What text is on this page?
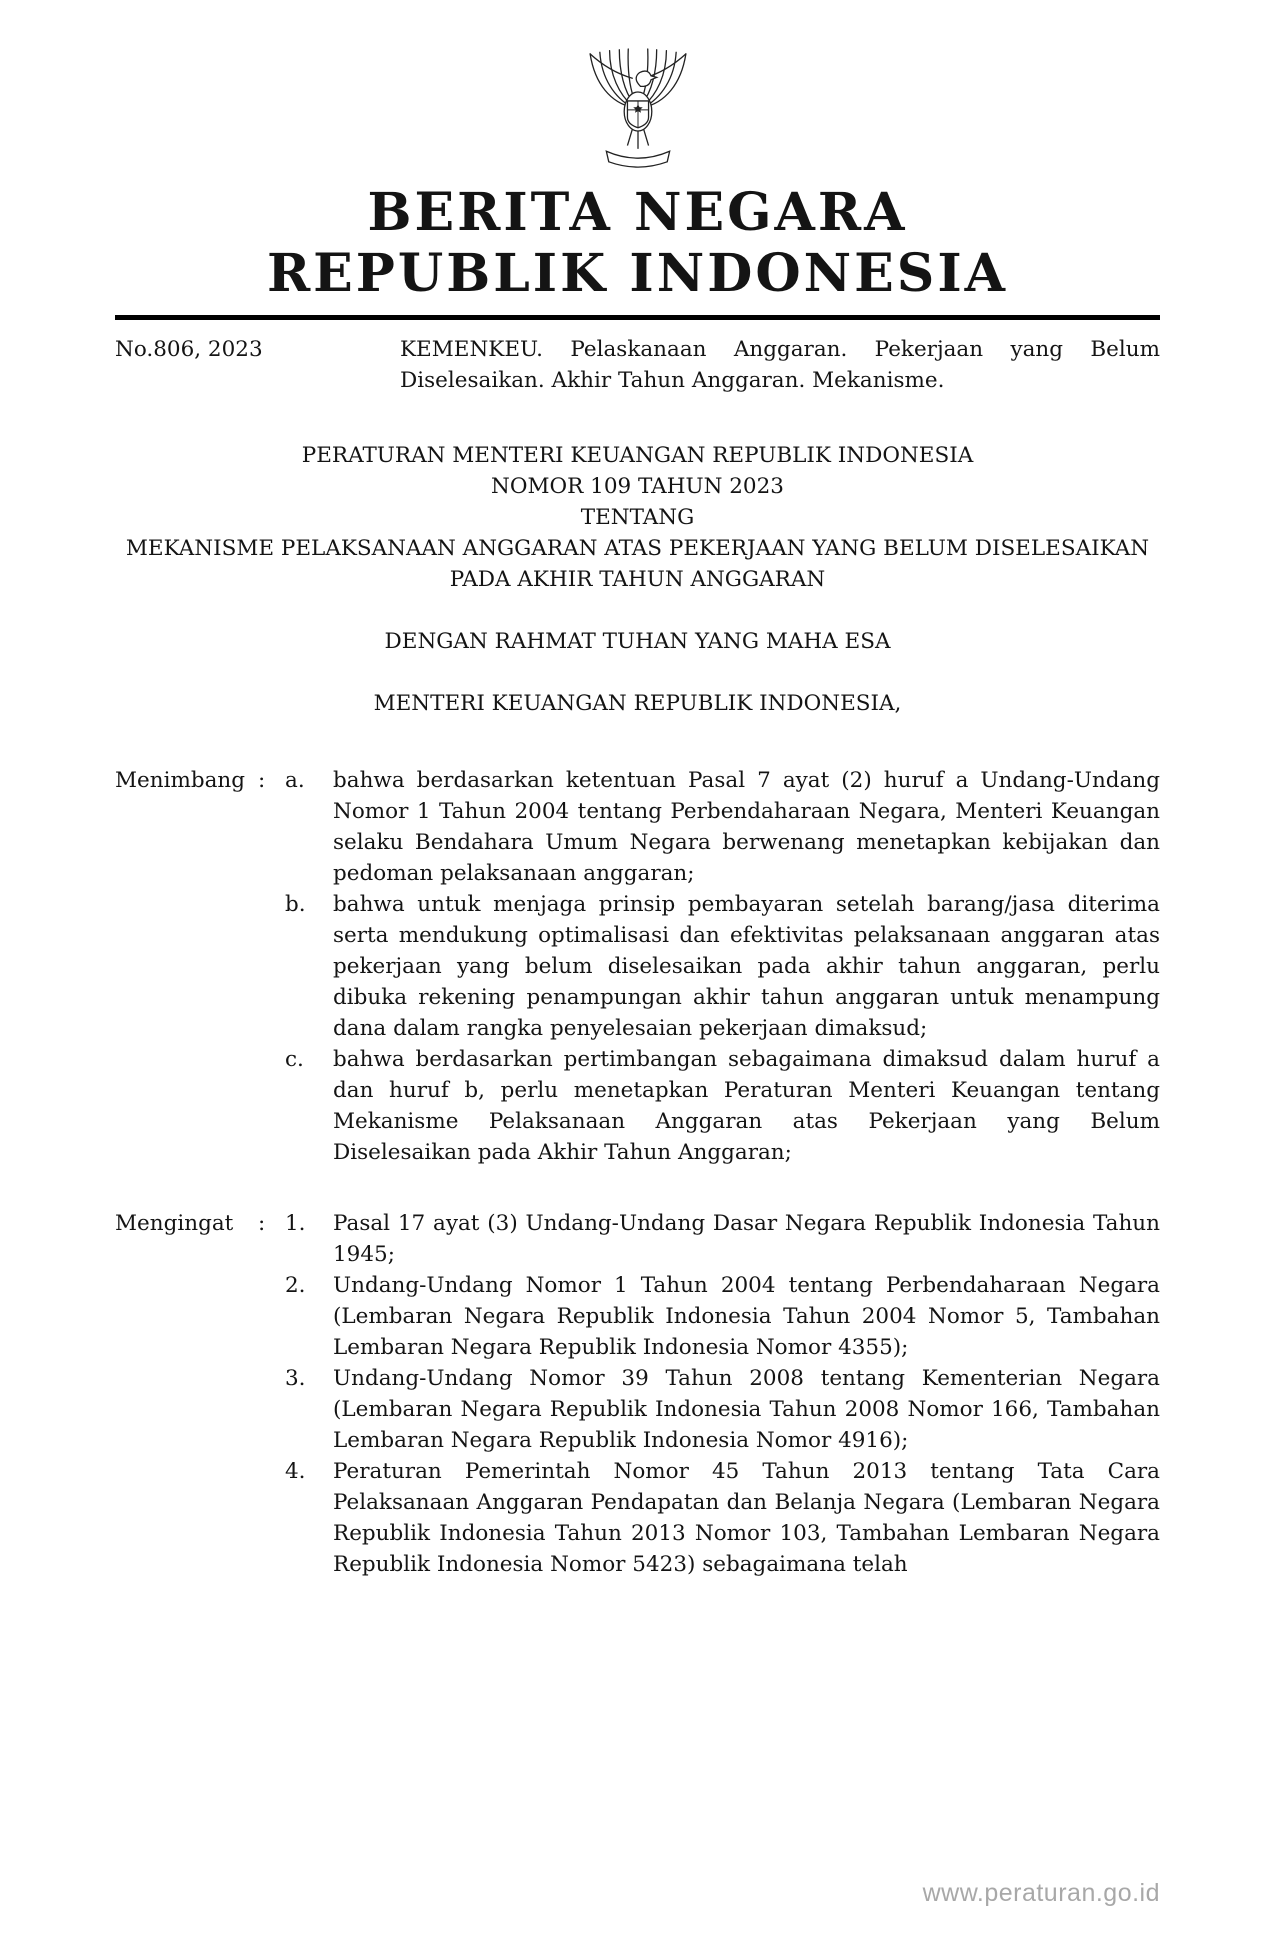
BERITA NEGARA
REPUBLIK INDONESIA
No.806, 2023	KEMENKEU. Pelaskanaan Anggaran. Pekerjaan yang Belum Diselesaikan. Akhir Tahun Anggaran. Mekanisme.
PERATURAN MENTERI KEUANGAN REPUBLIK INDONESIA
NOMOR 109 TAHUN 2023
TENTANG
MEKANISME PELAKSANAAN ANGGARAN ATAS PEKERJAAN YANG BELUM DISELESAIKAN PADA AKHIR TAHUN ANGGARAN
DENGAN RAHMAT TUHAN YANG MAHA ESA
MENTERI KEUANGAN REPUBLIK INDONESIA,
Menimbang : a.	bahwa berdasarkan ketentuan Pasal 7 ayat (2) huruf a Undang-Undang Nomor 1 Tahun 2004 tentang Perbendaharaan Negara, Menteri Keuangan selaku Bendahara Umum Negara berwenang menetapkan kebijakan dan pedoman pelaksanaan anggaran;
b.	bahwa untuk menjaga prinsip pembayaran setelah barang/jasa diterima serta mendukung optimalisasi dan efektivitas pelaksanaan anggaran atas pekerjaan yang belum diselesaikan pada akhir tahun anggaran, perlu dibuka rekening penampungan akhir tahun anggaran untuk menampung dana dalam rangka penyelesaian pekerjaan dimaksud;
c.	bahwa berdasarkan pertimbangan sebagaimana dimaksud dalam huruf a dan huruf b, perlu menetapkan Peraturan Menteri Keuangan tentang Mekanisme Pelaksanaan Anggaran atas Pekerjaan yang Belum Diselesaikan pada Akhir Tahun Anggaran;
Mengingat	: 1.	Pasal 17 ayat (3) Undang-Undang Dasar Negara Republik Indonesia Tahun 1945;
2.	Undang-Undang Nomor 1 Tahun 2004 tentang Perbendaharaan Negara (Lembaran Negara Republik Indonesia Tahun 2004 Nomor 5, Tambahan Lembaran Negara Republik Indonesia Nomor 4355);
3.	Undang-Undang Nomor 39 Tahun 2008 tentang Kementerian Negara (Lembaran Negara Republik Indonesia Tahun 2008 Nomor 166, Tambahan Lembaran Negara Republik Indonesia Nomor 4916);
4.	Peraturan Pemerintah Nomor 45 Tahun 2013 tentang Tata Cara Pelaksanaan Anggaran Pendapatan dan Belanja Negara (Lembaran Negara Republik Indonesia Tahun 2013 Nomor 103, Tambahan Lembaran Negara Republik Indonesia Nomor 5423) sebagaimana telah
www.peraturan.go.id
